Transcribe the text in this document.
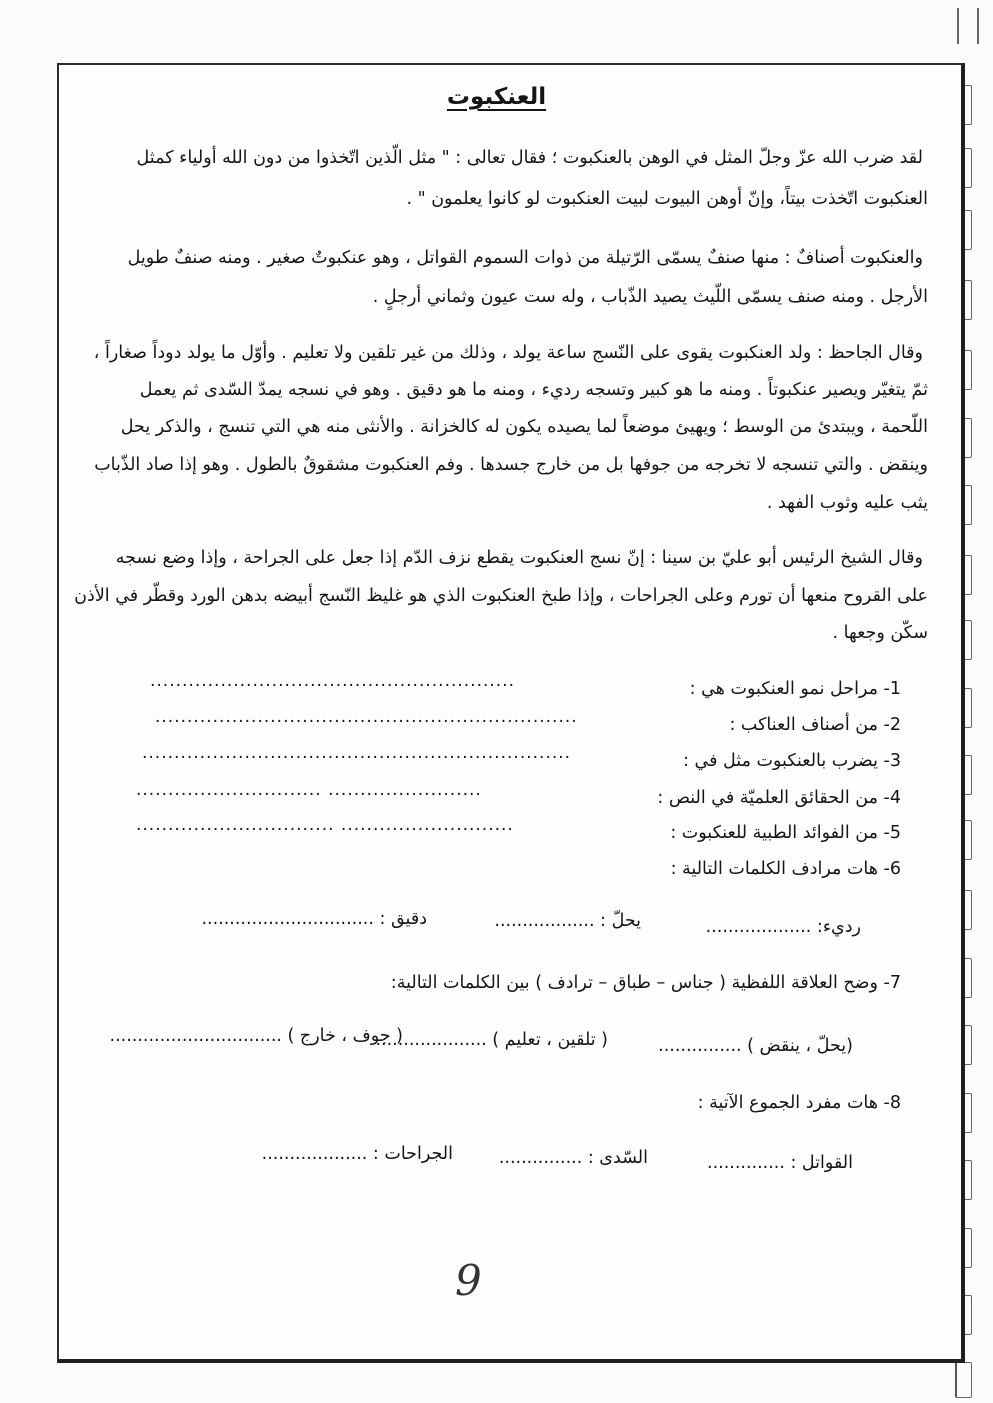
العنكبوت
لقد ضرب الله عزّ وجلّ المثل في الوهن بالعنكبوت ؛ فقال تعالى : " مثل الّذين اتّخذوا من دون الله أولياء كمثل
العنكبوت اتّخذت بيتاً، وإنّ أوهن البيوت لبيت العنكبوت لو كانوا يعلمون " .
والعنكبوت أصنافٌ : منها صنفٌ يسمّى الرّتيلة من ذوات السموم القواتل ، وهو عنكبوتٌ صغير . ومنه صنفٌ طويل
الأرجل . ومنه صنف يسمّى اللّيث يصيد الذّباب ، وله ست عيون وثماني أرجلٍ .
وقال الجاحظ : ولد العنكبوت يقوى على النّسج ساعة يولد ، وذلك من غير تلقين ولا تعليم . وأوّل ما يولد دوداً صغاراً ،
ثمّ يتغيّر ويصير عنكبوتاً . ومنه ما هو كبير وتسجه رديء ، ومنه ما هو دقيق . وهو في نسجه يمدّ السّدى ثم يعمل
اللّحمة ، ويبتدئ من الوسط ؛ ويهيئ موضعاً لما يصيده يكون له كالخزانة . والأنثى منه هي التي تنسج ، والذكر يحل
وينقض . والتي تنسجه لا تخرجه من جوفها بل من خارج جسدها . وفم العنكبوت مشقوقٌ بالطول . وهو إذا صاد الذّباب
يثب عليه وثوب الفهد .
وقال الشيخ الرئيس أبو عليّ بن سينا : إنّ نسج العنكبوت يقطع نزف الدّم إذا جعل على الجراحة ، وإذا وضع نسجه
على القروح منعها أن تورم وعلى الجراحات ، وإذا طبخ العنكبوت الذي هو غليظ النّسج أبيضه بدهن الورد وقطّر في الأذن
سكّن وجعها .
1- مراحل نمو العنكبوت هي :
.........................................................
2- من أصناف العناكب :
..................................................................
3- يضرب بالعنكبوت مثل في :
...................................................................
4- من الحقائق العلميّة في النص :
............................. ........................
5- من الفوائد الطبية للعنكبوت :
............................... ...........................
6- هات مرادف الكلمات التالية :
رديء: ...................
يحلّ : ..................
دقيق : ...............................
7- وضح العلاقة اللفظية ( جناس – طباق – ترادف ) بين الكلمات التالية:
(يحلّ ، ينقض ) ...............
( تلقين ، تعليم ) ....................
( جوف ، خارج ) ...............................
8- هات مفرد الجموع الآتية :
القواتل : ..............
السّدى : ...............
الجراحات : ...................
9
